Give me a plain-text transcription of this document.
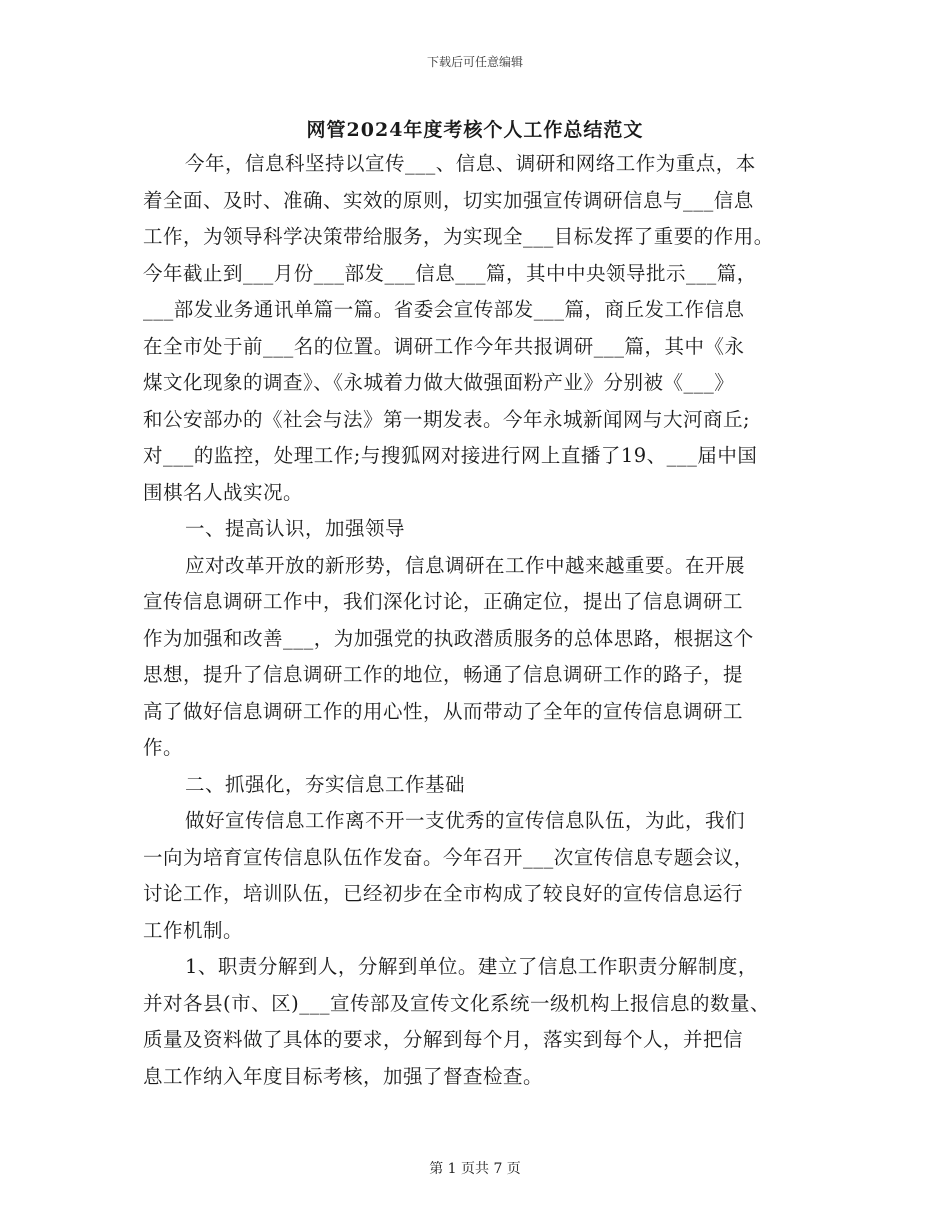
下载后可任意编辑
网管2024年度考核个人工作总结范文
今年，信息科坚持以宣传___、信息、调研和网络工作为重点，本
着全面、及时、准确、实效的原则，切实加强宣传调研信息与___信息
工作，为领导科学决策带给服务，为实现全___目标发挥了重要的作用。
今年截止到___月份___部发___信息___篇，其中中央领导批示___篇，
___部发业务通讯单篇一篇。省委会宣传部发___篇，商丘发工作信息
在全市处于前___名的位置。调研工作今年共报调研___篇，其中《永
煤文化现象的调查》、《永城着力做大做强面粉产业》分别被《___》
和公安部办的《社会与法》第一期发表。今年永城新闻网与大河商丘;
对___的监控，处理工作;与搜狐网对接进行网上直播了19、___届中国
围棋名人战实况。
一、提高认识，加强领导
应对改革开放的新形势，信息调研在工作中越来越重要。在开展
宣传信息调研工作中，我们深化讨论，正确定位，提出了信息调研工
作为加强和改善___，为加强党的执政潜质服务的总体思路，根据这个
思想，提升了信息调研工作的地位，畅通了信息调研工作的路子，提
高了做好信息调研工作的用心性，从而带动了全年的宣传信息调研工
作。
二、抓强化，夯实信息工作基础
做好宣传信息工作离不开一支优秀的宣传信息队伍，为此，我们
一向为培育宣传信息队伍作发奋。今年召开___次宣传信息专题会议，
讨论工作，培训队伍，已经初步在全市构成了较良好的宣传信息运行
工作机制。
1、职责分解到人，分解到单位。建立了信息工作职责分解制度，
并对各县(市、区)___宣传部及宣传文化系统一级机构上报信息的数量、
质量及资料做了具体的要求，分解到每个月，落实到每个人，并把信
息工作纳入年度目标考核，加强了督查检查。
第 1 页共 7 页
